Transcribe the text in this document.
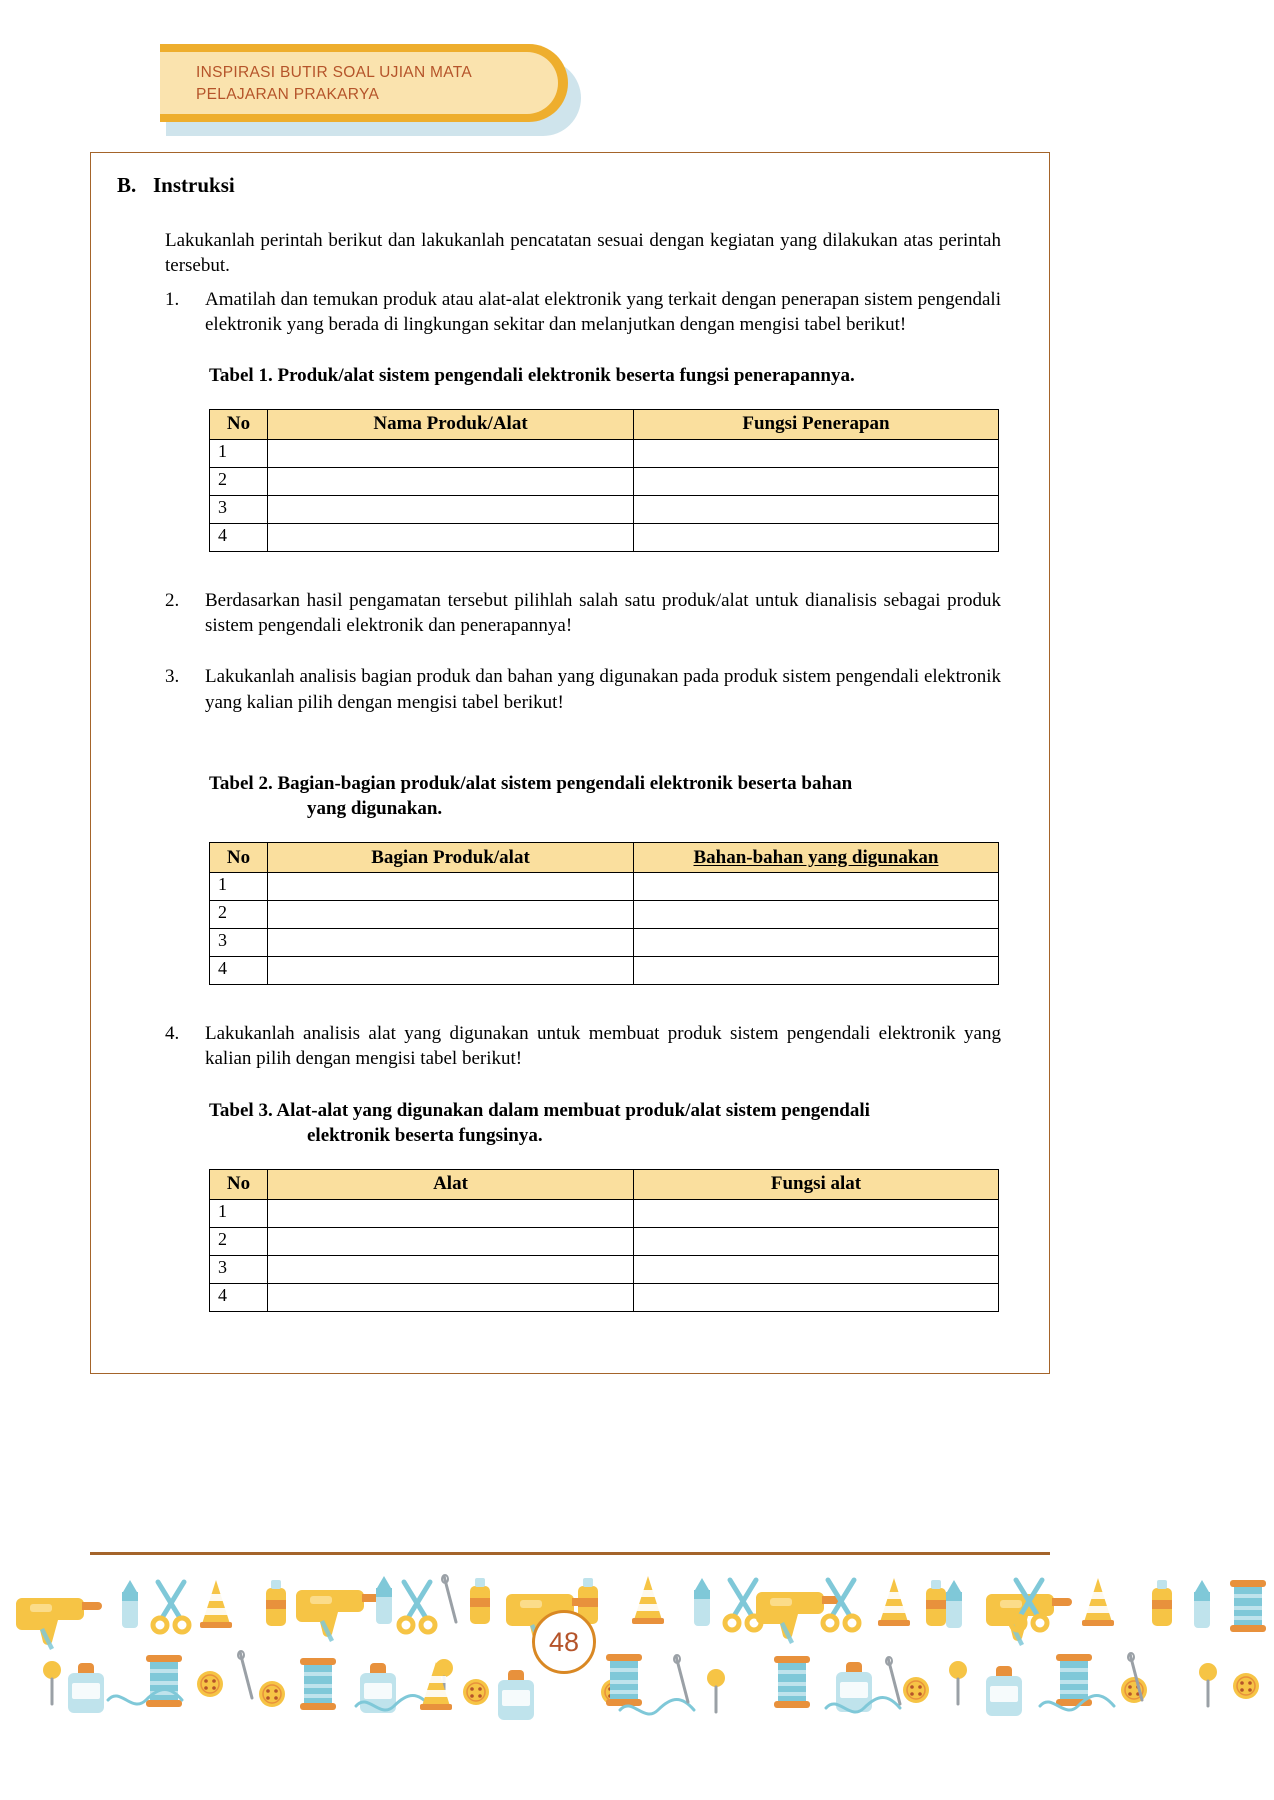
INSPIRASI BUTIR SOAL UJIAN MATA
PELAJARAN PRAKARYA
B. Instruksi

Lakukanlah perintah berikut dan lakukanlah pencatatan sesuai dengan kegiatan yang dilakukan atas perintah tersebut.

1.	Amatilah dan temukan produk atau alat-alat elektronik yang terkait dengan penerapan sistem pengendali elektronik yang berada di lingkungan sekitar dan melanjutkan dengan mengisi tabel berikut!
Tabel 1. Produk/alat sistem pengendali elektronik beserta fungsi penerapannya.
No	Nama Produk/Alat	Fungsi Penerapan
1		
2		
3		
4		
2.	Berdasarkan hasil pengamatan tersebut pilihlah salah satu produk/alat untuk dianalisis sebagai produk sistem pengendali elektronik dan penerapannya!
3.	Lakukanlah analisis bagian produk dan bahan yang digunakan pada produk sistem pengendali elektronik yang kalian pilih dengan mengisi tabel berikut!
Tabel 2. Bagian-bagian produk/alat sistem pengendali elektronik beserta bahan
yang digunakan.
No	Bagian Produk/alat	Bahan-bahan yang digunakan
1		
2		
3		
4		
4.	Lakukanlah analisis alat yang digunakan untuk membuat produk sistem pengendali elektronik yang kalian pilih dengan mengisi tabel berikut!
Tabel 3. Alat-alat yang digunakan dalam membuat produk/alat sistem pengendali
elektronik beserta fungsinya.
No	Alat	Fungsi alat
1		
2		
3		
4		
48
